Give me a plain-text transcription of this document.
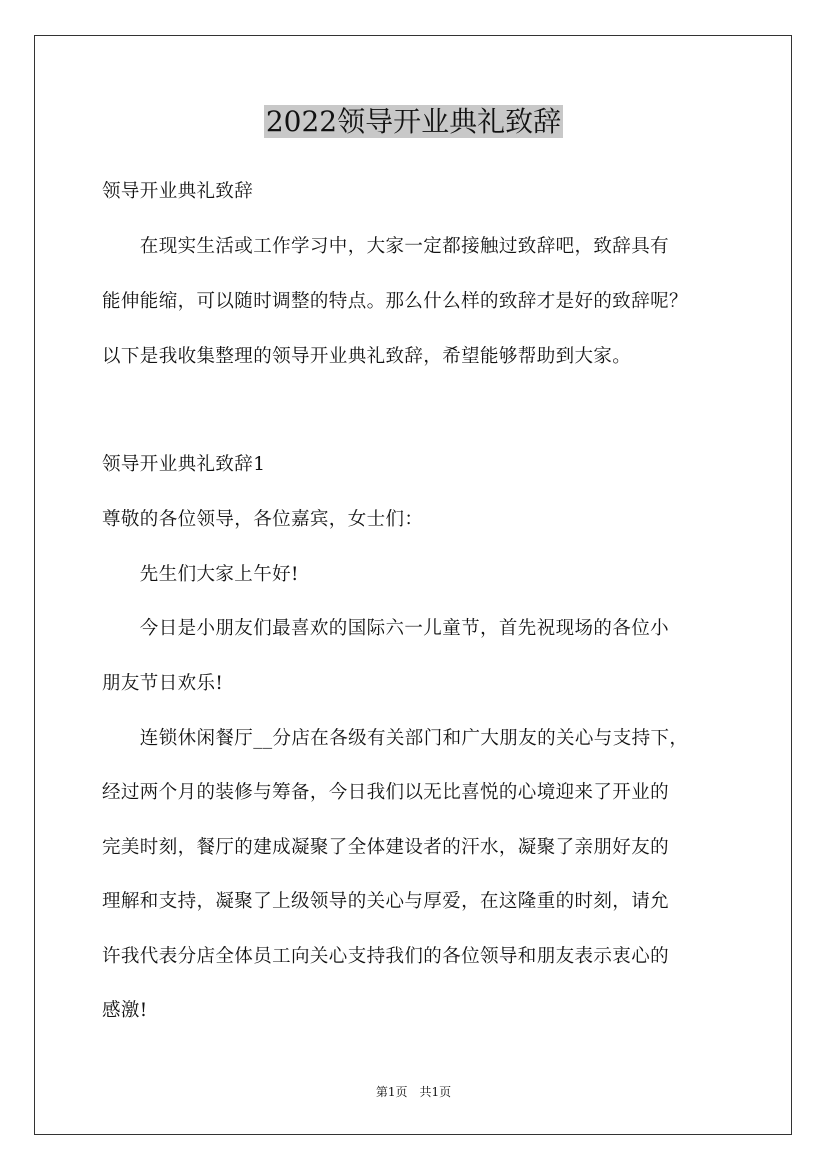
2022领导开业典礼致辞
领导开业典礼致辞
　　在现实生活或工作学习中，大家一定都接触过致辞吧，致辞具有
能伸能缩，可以随时调整的特点。那么什么样的致辞才是好的致辞呢？
以下是我收集整理的领导开业典礼致辞，希望能够帮助到大家。
领导开业典礼致辞1
尊敬的各位领导，各位嘉宾，女士们：
　　先生们大家上午好!
　　今日是小朋友们最喜欢的国际六一儿童节，首先祝现场的各位小
朋友节日欢乐!
　　连锁休闲餐厅__分店在各级有关部门和广大朋友的关心与支持下，
经过两个月的装修与筹备，今日我们以无比喜悦的心境迎来了开业的
完美时刻，餐厅的建成凝聚了全体建设者的汗水，凝聚了亲朋好友的
理解和支持，凝聚了上级领导的关心与厚爱，在这隆重的时刻，请允
许我代表分店全体员工向关心支持我们的各位领导和朋友表示衷心的
感激!
第1页　共1页
